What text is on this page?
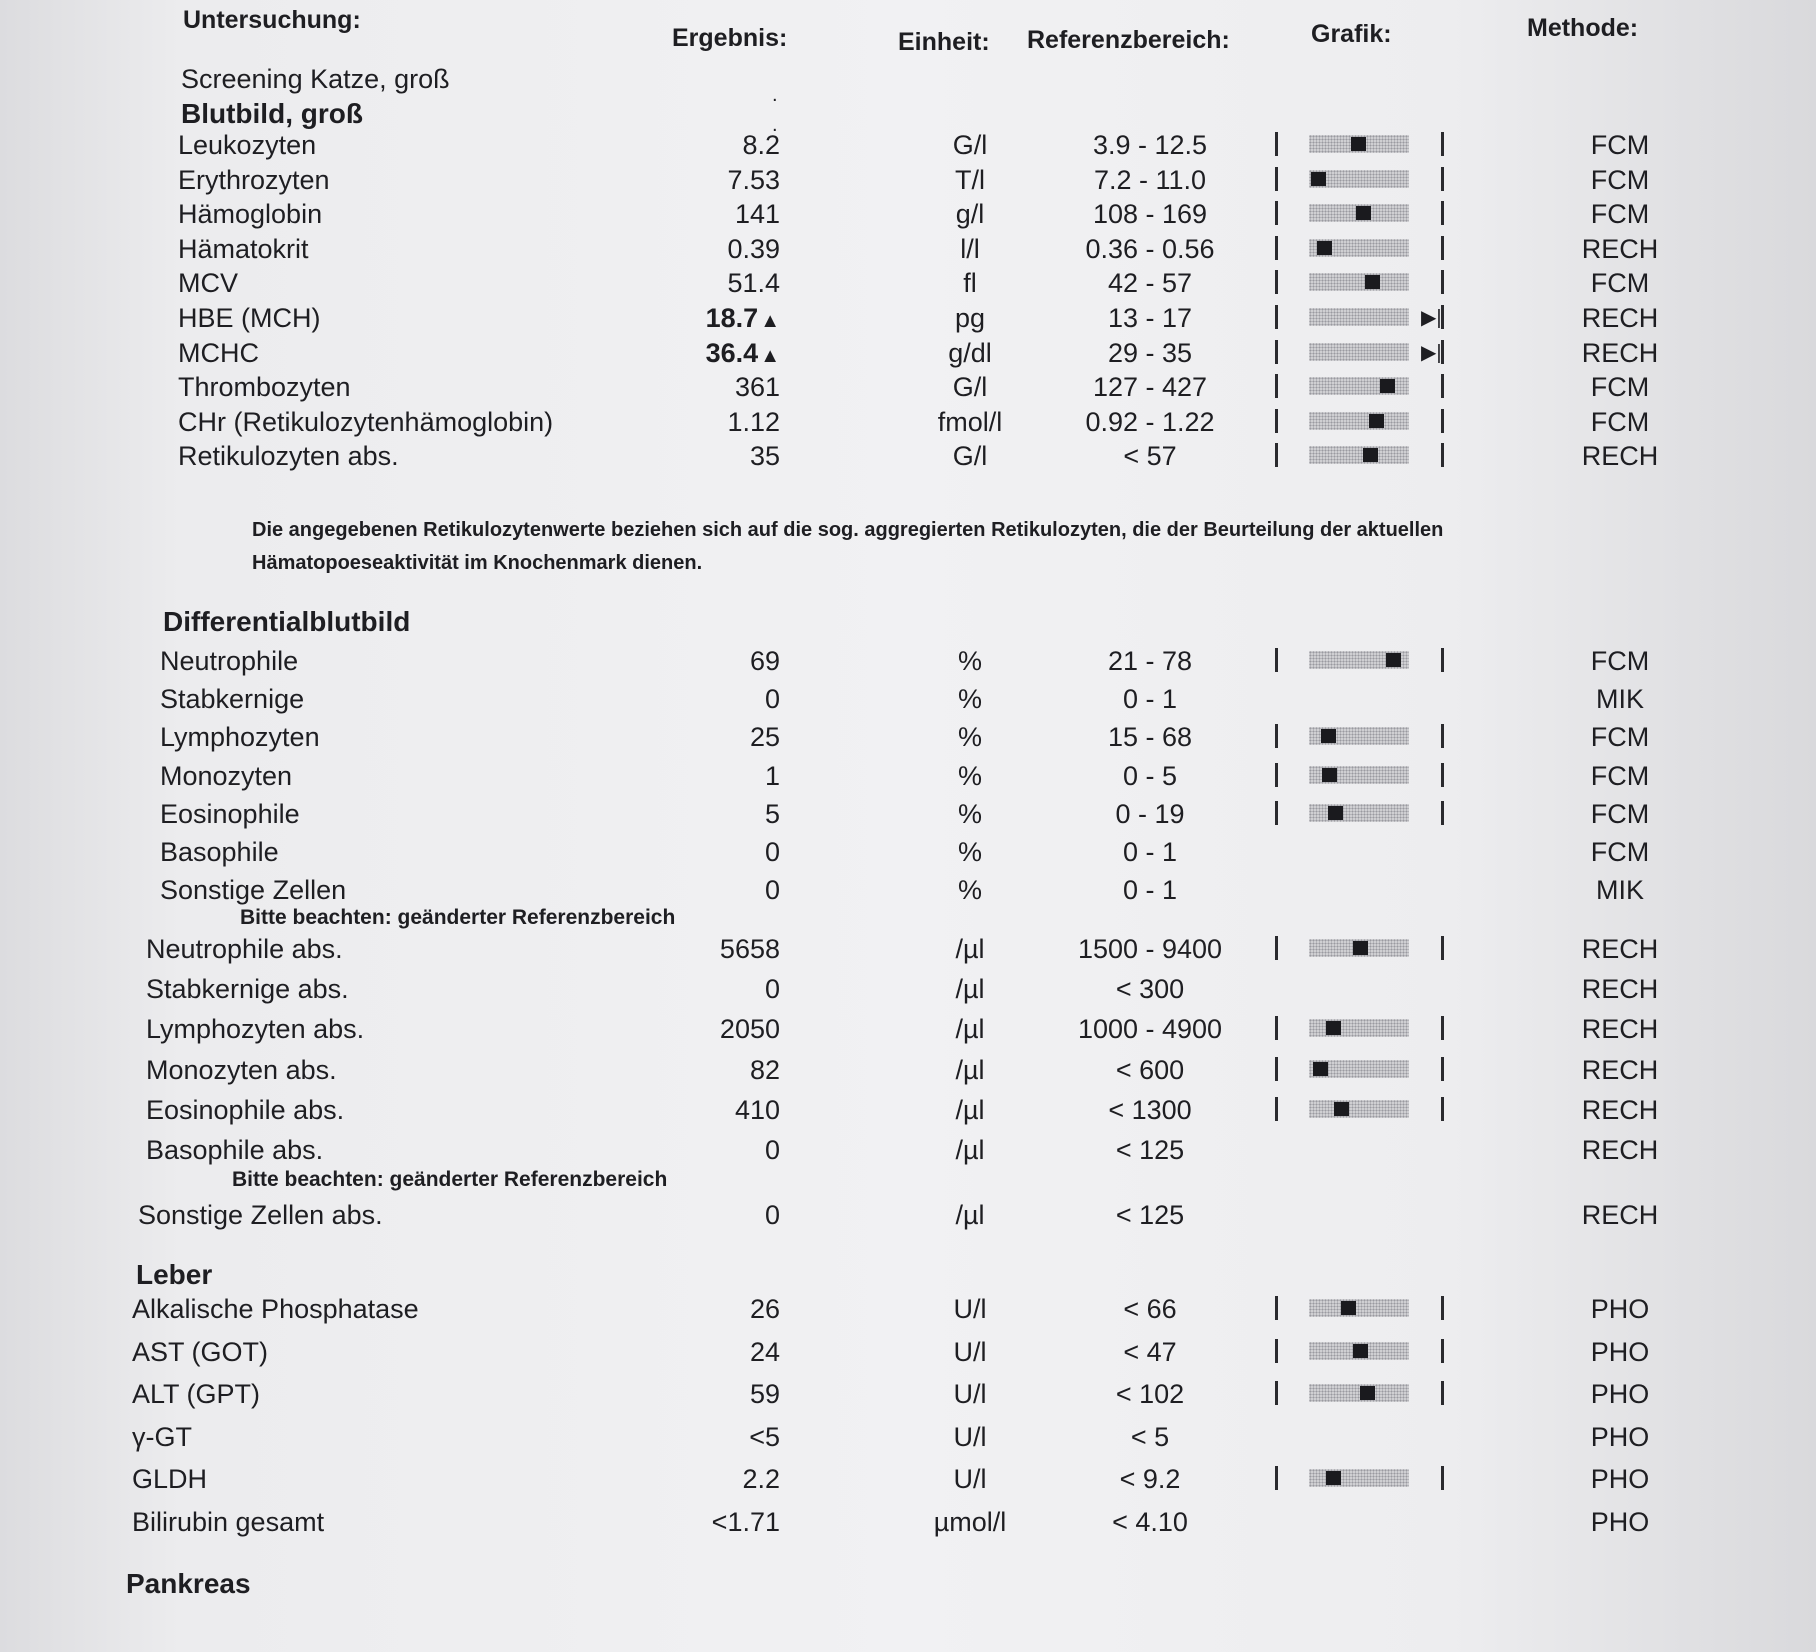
Untersuchung:
Ergebnis:	Einheit: Referenzbereich:	Grafik:	Methode:
Screening Katze, groß
.
Blutbild, groß	.
Leukozyten	8.2	G/l	3.9 - 12.5	FCM
Erythrozyten	7.53	T/l	7.2 - 11.0	FCM
Hämoglobin	141	g/l	108 - 169	FCM
Hämatokrit	0.39	l/l	0.36 - 0.56	RECH
MCV	51.4	fl	42 - 57	FCM
HBE (MCH)	18.7 ▲	pg	13 - 17	▶|	RECH
MCHC	36.4 ▲	g/dl	29 - 35	▶|	RECH
Thrombozyten	361	G/l	127 - 427	FCM
CHr (Retikulozytenhämoglobin)	1.12	fmol/l	0.92 - 1.22	FCM
Retikulozyten abs.	35	G/l	< 57	RECH
Die angegebenen Retikulozytenwerte beziehen sich auf die sog. aggregierten Retikulozyten, die der Beurteilung der aktuellen
Hämatopoeseaktivität im Knochenmark dienen.
Differentialblutbild
Neutrophile	69	%	21 - 78	FCM
Stabkernige	0	%	0 - 1	MIK
Lymphozyten	25	%	15 - 68	FCM
Monozyten	1	%	0 - 5	FCM
Eosinophile	5	%	0 - 19	FCM
Basophile	0	%	0 - 1	FCM
Sonstige Zellen	0	%	0 - 1	MIK
Bitte beachten: geänderter Referenzbereich
Neutrophile abs.	5658	/µl	1500 - 9400	RECH
Stabkernige abs.	0	/µl	< 300	RECH
Lymphozyten abs.	2050	/µl	1000 - 4900	RECH
Monozyten abs.	82	/µl	< 600	RECH
Eosinophile abs.	410	/µl	< 1300	RECH
Basophile abs.	0	/µl	< 125	RECH
Bitte beachten: geänderter Referenzbereich
Sonstige Zellen abs.	0	/µl	< 125	RECH
Leber
Alkalische Phosphatase	26	U/l	< 66	PHO
AST (GOT)	24	U/l	< 47	PHO
ALT (GPT)	59	U/l	< 102	PHO
γ-GT	<5	U/l	< 5	PHO
GLDH	2.2	U/l	< 9.2	PHO
Bilirubin gesamt	<1.71	µmol/l	< 4.10	PHO
Pankreas
